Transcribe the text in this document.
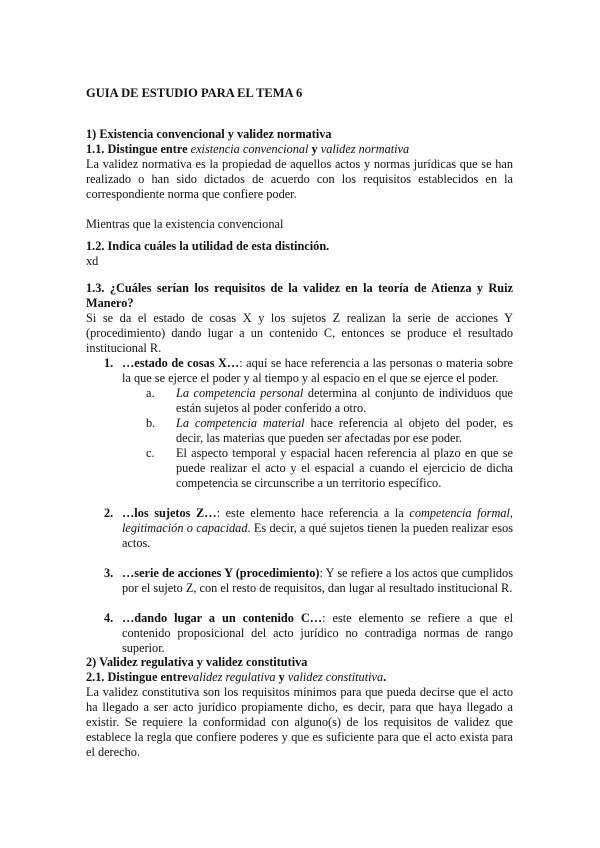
GUIA DE ESTUDIO PARA EL TEMA 6
1) Existencia convencional y validez normativa
1.1. Distingue entre existencia convencional y validez normativa
La validez normativa es la propiedad de aquellos actos y normas jurídicas que se han realizado o han sido dictados de acuerdo con los requisitos establecidos en la correspondiente norma que confiere poder.
Mientras que la existencia convencional
1.2. Indica cuáles la utilidad de esta distinción.
xd
1.3. ¿Cuáles serían los requisitos de la validez en la teoría de Atienza y Ruiz Manero?
Si se da el estado de cosas X y los sujetos Z realizan la serie de acciones Y (procedimiento) dando lugar a un contenido C, entonces se produce el resultado institucional R.
1. …estado de cosas X…: aquí se hace referencia a las personas o materia sobre la que se ejerce el poder y al tiempo y al espacio en el que se ejerce el poder.
a. La competencia personal determina al conjunto de individuos que están sujetos al poder conferido a otro.
b. La competencia material hace referencia al objeto del poder, es decir, las materias que pueden ser afectadas por ese poder.
c. El aspecto temporal y espacial hacen referencia al plazo en que se puede realizar el acto y el espacial a cuando el ejercicio de dicha competencia se circunscribe a un territorio específico.
2. …los sujetos Z…: este elemento hace referencia a la competencia formal, legitimación o capacidad. Es decir, a qué sujetos tienen la pueden realizar esos actos.
3. …serie de acciones Y (procedimiento): Y se refiere a los actos que cumplidos por el sujeto Z, con el resto de requisitos, dan lugar al resultado institucional R.
4. …dando lugar a un contenido C…: este elemento se refiere a que el contenido proposicional del acto jurídico no contradiga normas de rango superior.
2) Validez regulativa y validez constitutiva
2.1. Distingue entrevalidez regulativa y validez constitutiva.
La validez constitutiva son los requisitos mínimos para que pueda decirse que el acto ha llegado a ser acto jurídico propiamente dicho, es decir, para que haya llegado a existir. Se requiere la conformidad con alguno(s) de los requisitos de validez que establece la regla que confiere poderes y que es suficiente para que el acto exista para el derecho.
